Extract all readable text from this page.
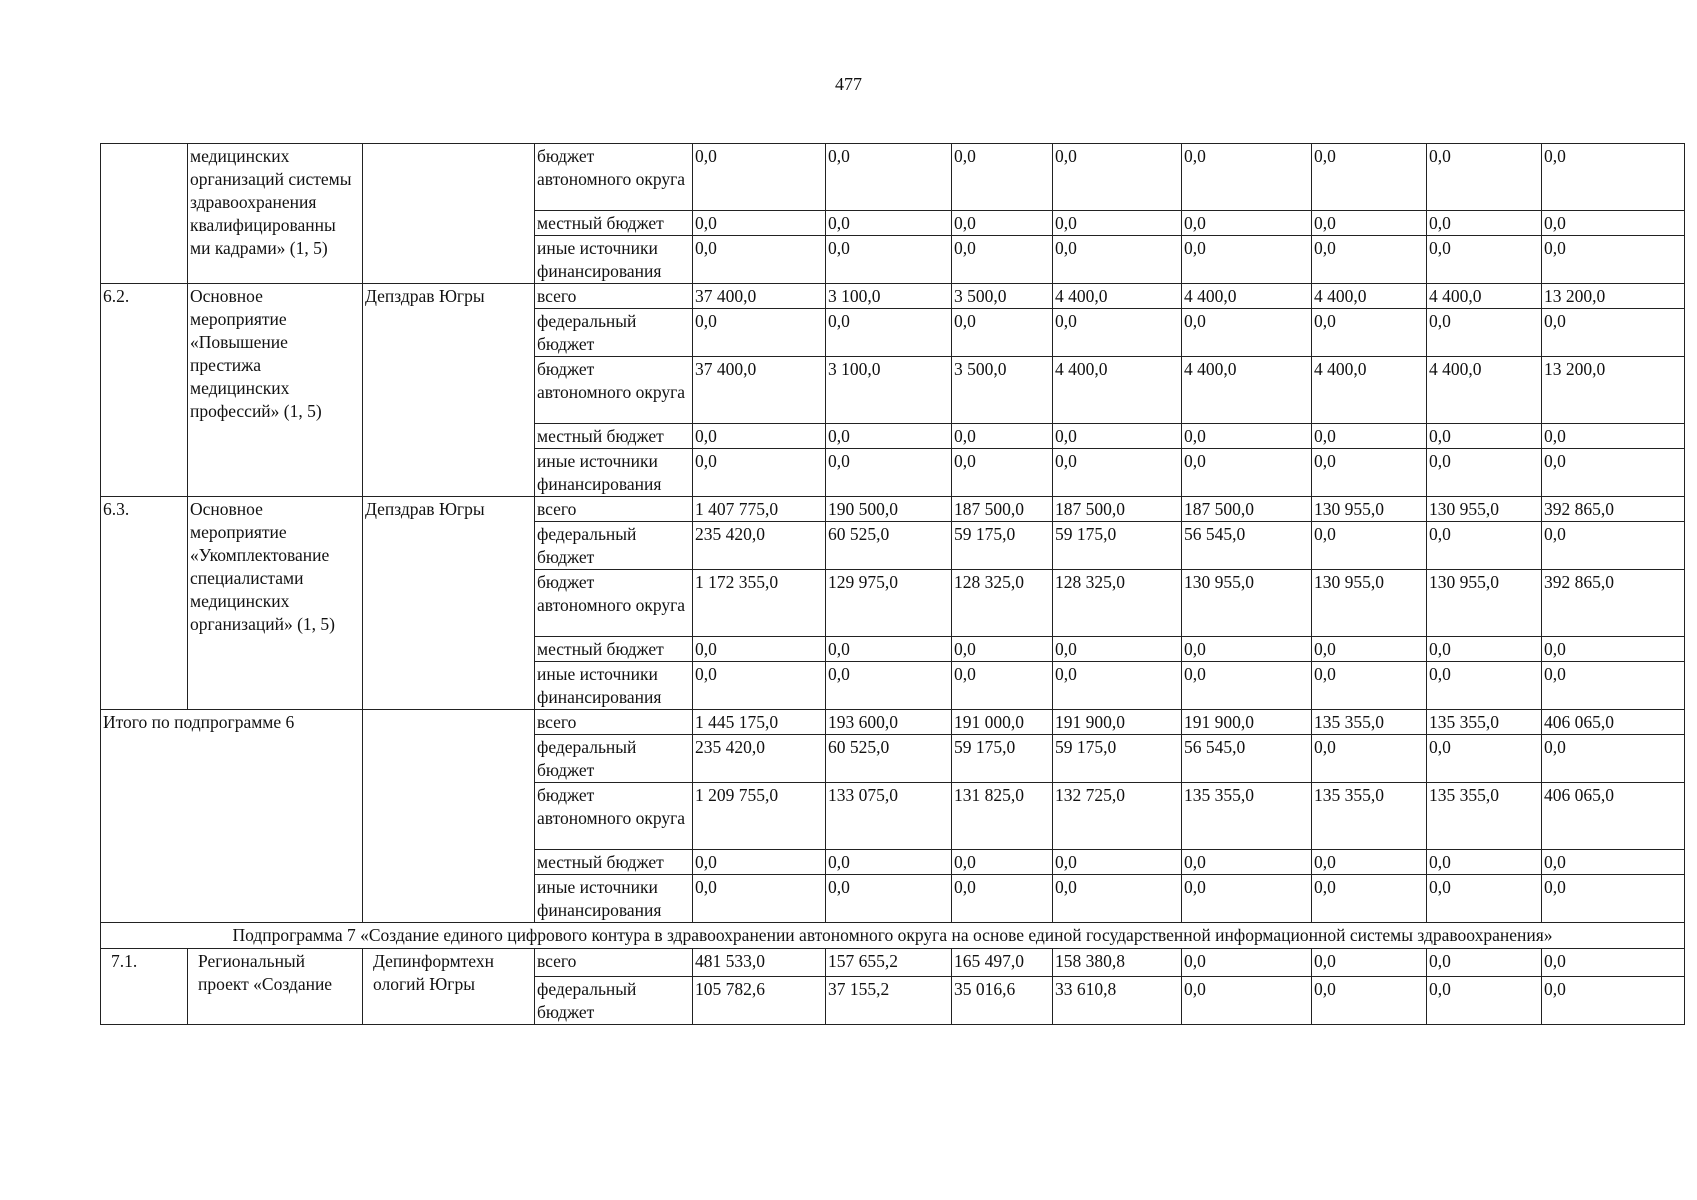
477
	медицинских организаций системы здравоохранения квалифицированны ми кадрами» (1, 5)		бюджет автономного округа	0,0	0,0	0,0	0,0	0,0	0,0	0,0	0,0
			местный бюджет	0,0	0,0	0,0	0,0	0,0	0,0	0,0	0,0
			иные источники финансирования	0,0	0,0	0,0	0,0	0,0	0,0	0,0	0,0
6.2.	Основное мероприятие «Повышение престижа медицинских профессий» (1, 5)	Депздрав Югры	всего	37 400,0	3 100,0	3 500,0	4 400,0	4 400,0	4 400,0	4 400,0	13 200,0
			федеральный бюджет	0,0	0,0	0,0	0,0	0,0	0,0	0,0	0,0
			бюджет автономного округа	37 400,0	3 100,0	3 500,0	4 400,0	4 400,0	4 400,0	4 400,0	13 200,0
			местный бюджет	0,0	0,0	0,0	0,0	0,0	0,0	0,0	0,0
			иные источники финансирования	0,0	0,0	0,0	0,0	0,0	0,0	0,0	0,0
6.3.	Основное мероприятие «Укомплектование специалистами медицинских организаций» (1, 5)	Депздрав Югры	всего	1 407 775,0	190 500,0	187 500,0	187 500,0	187 500,0	130 955,0	130 955,0	392 865,0
			федеральный бюджет	235 420,0	60 525,0	59 175,0	59 175,0	56 545,0	0,0	0,0	0,0
			бюджет автономного округа	1 172 355,0	129 975,0	128 325,0	128 325,0	130 955,0	130 955,0	130 955,0	392 865,0
			местный бюджет	0,0	0,0	0,0	0,0	0,0	0,0	0,0	0,0
			иные источники финансирования	0,0	0,0	0,0	0,0	0,0	0,0	0,0	0,0
Итого по подпрограмме 6			всего	1 445 175,0	193 600,0	191 000,0	191 900,0	191 900,0	135 355,0	135 355,0	406 065,0
			федеральный бюджет	235 420,0	60 525,0	59 175,0	59 175,0	56 545,0	0,0	0,0	0,0
			бюджет автономного округа	1 209 755,0	133 075,0	131 825,0	132 725,0	135 355,0	135 355,0	135 355,0	406 065,0
			местный бюджет	0,0	0,0	0,0	0,0	0,0	0,0	0,0	0,0
			иные источники финансирования	0,0	0,0	0,0	0,0	0,0	0,0	0,0	0,0
Подпрограмма 7 «Создание единого цифрового контура в здравоохранении автономного округа на основе единой государственной информационной системы здравоохранения»											
7.1.	Региональный проект «Создание	Депинформтехн ологий Югры	всего	481 533,0	157 655,2	165 497,0	158 380,8	0,0	0,0	0,0	0,0
			федеральный бюджет	105 782,6	37 155,2	35 016,6	33 610,8	0,0	0,0	0,0	0,0
